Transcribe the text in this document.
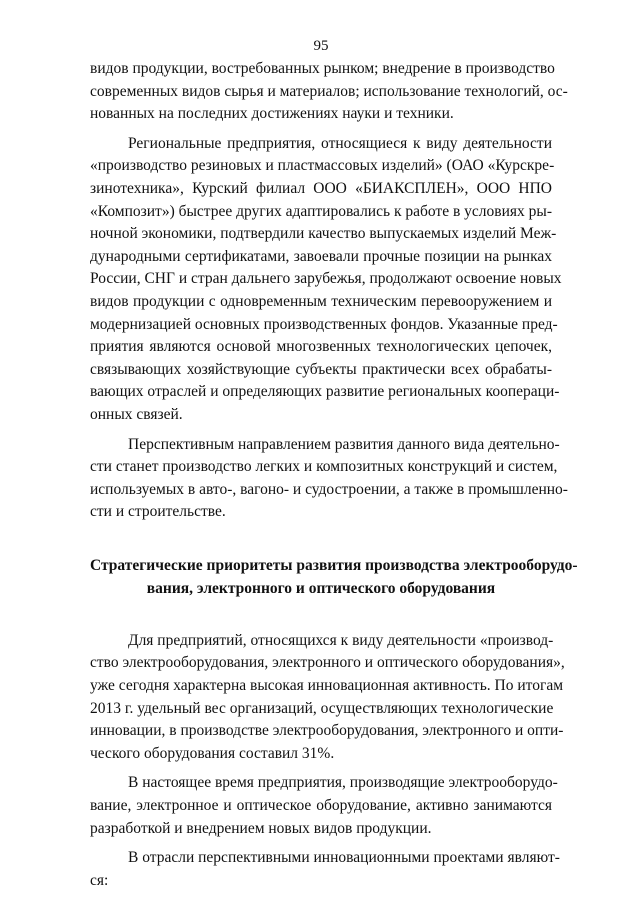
95
видов продукции, востребованных рынком; внедрение в производство
современных видов сырья и материалов; использование технологий, ос-
нованных на последних достижениях науки и техники.
Региональные предприятия, относящиеся к виду деятельности
«производство резиновых и пластмассовых изделий» (ОАО «Курскре-
зинотехника», Курский филиал ООО «БИАКСПЛЕН», ООО НПО
«Композит») быстрее других адаптировались к работе в условиях ры-
ночной экономики, подтвердили качество выпускаемых изделий Меж-
дународными сертификатами, завоевали прочные позиции на рынках
России, СНГ и стран дальнего зарубежья, продолжают освоение новых
видов продукции с одновременным техническим перевооружением и
модернизацией основных производственных фондов. Указанные пред-
приятия являются основой многозвенных технологических цепочек,
связывающих хозяйствующие субъекты практически всех обрабаты-
вающих отраслей и определяющих развитие региональных коопераци-
онных связей.
Перспективным направлением развития данного вида деятельно-
сти станет производство легких и композитных конструкций и систем,
используемых в авто-, вагоно- и судостроении, а также в промышленно-
сти и строительстве.
Стратегические приоритеты развития производства электрооборудо-
вания, электронного и оптического оборудования
Для предприятий, относящихся к виду деятельности «производ-
ство электрооборудования, электронного и оптического оборудования»,
уже сегодня характерна высокая инновационная активность. По итогам
2013 г. удельный вес организаций, осуществляющих технологические
инновации, в производстве электрооборудования, электронного и опти-
ческого оборудования составил 31%.
В настоящее время предприятия, производящие электрооборудо-
вание, электронное и оптическое оборудование, активно занимаются
разработкой и внедрением новых видов продукции.
В отрасли перспективными инновационными проектами являют-
ся:
